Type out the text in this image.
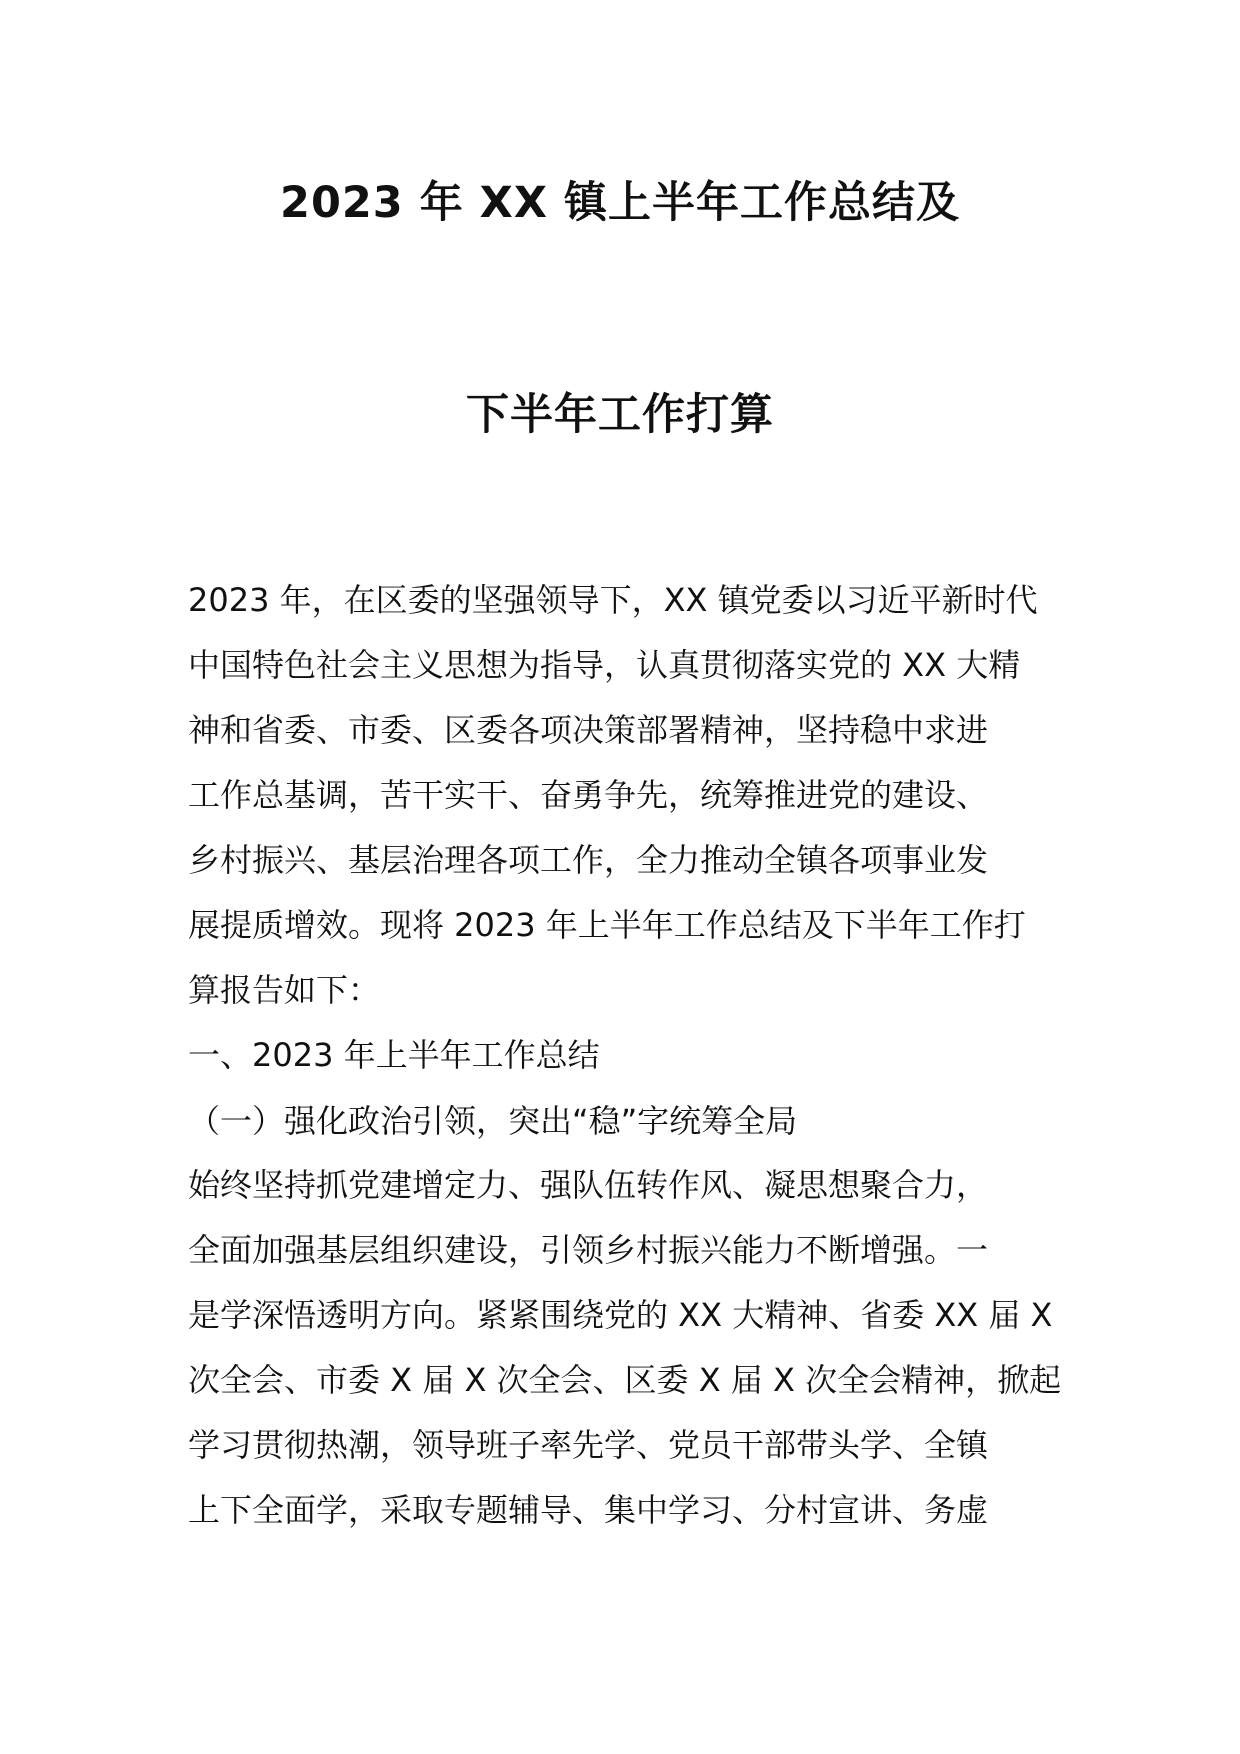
2023 年 XX 镇上半年工作总结及
下半年工作打算
2023 年，在区委的坚强领导下，XX 镇党委以习近平新时代
中国特色社会主义思想为指导，认真贯彻落实党的 XX 大精
神和省委、市委、区委各项决策部署精神，坚持稳中求进
工作总基调，苦干实干、奋勇争先，统筹推进党的建设、
乡村振兴、基层治理各项工作，全力推动全镇各项事业发
展提质增效。现将 2023 年上半年工作总结及下半年工作打
算报告如下：
一、2023 年上半年工作总结
（一）强化政治引领，突出“稳”字统筹全局
始终坚持抓党建增定力、强队伍转作风、凝思想聚合力，
全面加强基层组织建设，引领乡村振兴能力不断增强。一
是学深悟透明方向。紧紧围绕党的 XX 大精神、省委 XX 届 X
次全会、市委 X 届 X 次全会、区委 X 届 X 次全会精神，掀起
学习贯彻热潮，领导班子率先学、党员干部带头学、全镇
上下全面学，采取专题辅导、集中学习、分村宣讲、务虚
